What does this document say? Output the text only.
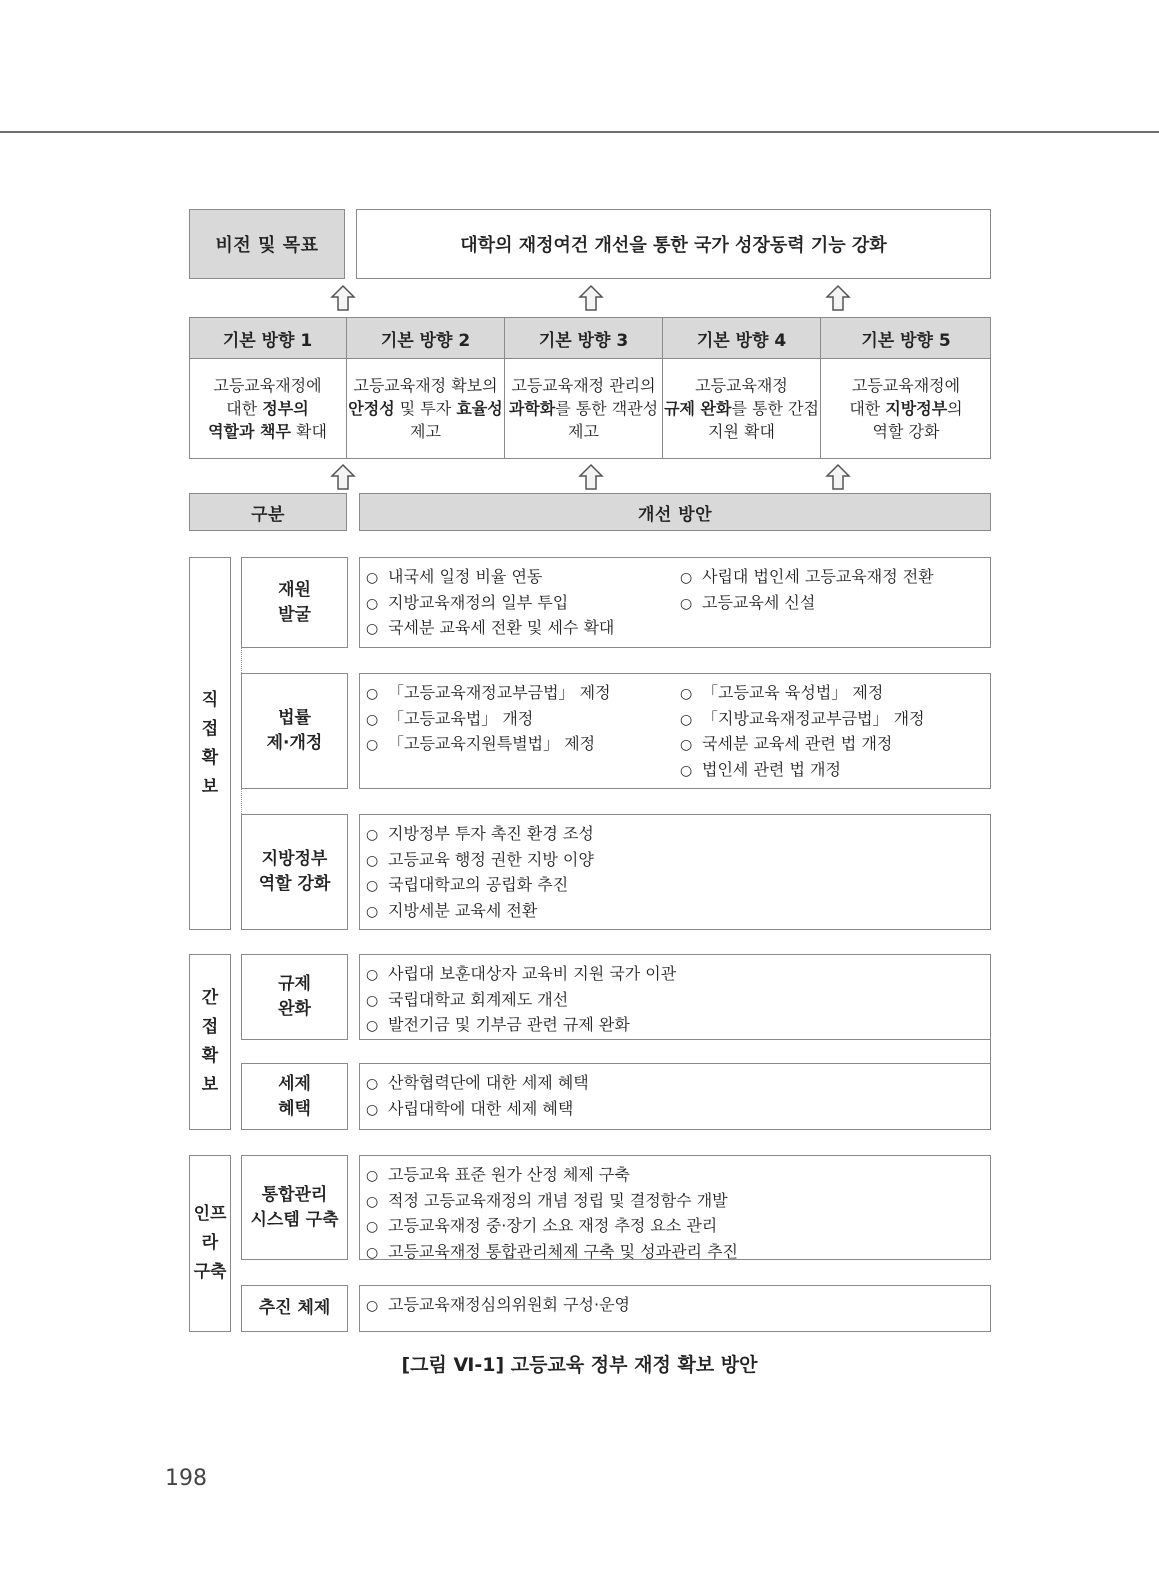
비전 및 목표	대학의 재정여건 개선을 통한 국가 성장동력 기능 강화
기본 방향 1
고등교육재정에
대한 정부의
역할과 책무 확대
기본 방향 2
고등교육재정 확보의
안정성 및 투자 효율성
제고
기본 방향 3
고등교육재정 관리의
과학화를 통한 객관성
제고
기본 방향 4
고등교육재정
규제 완화를 통한 간접
지원 확대
기본 방향 5
고등교육재정에
대한 지방정부의
역할 강화
구분	개선 방안
직
접
확
보
재원
발굴
○ 내국세 일정 비율 연동
○ 지방교육재정의 일부 투입
○ 국세분 교육세 전환 및 세수 확대
○ 사립대 법인세 고등교육재정 전환
○ 고등교육세 신설
법률
제·개정
○ 「고등교육재정교부금법」 제정
○ 「고등교육법」 개정
○ 「고등교육지원특별법」 제정
○ 「고등교육 육성법」 제정
○ 「지방교육재정교부금법」 개정
○ 국세분 교육세 관련 법 개정
○ 법인세 관련 법 개정
지방정부
역할 강화
○ 지방정부 투자 촉진 환경 조성
○ 고등교육 행정 권한 지방 이양
○ 국립대학교의 공립화 추진
○ 지방세분 교육세 전환
간
접
확
보
규제
완화
○ 사립대 보훈대상자 교육비 지원 국가 이관
○ 국립대학교 회계제도 개선
○ 발전기금 및 기부금 관련 규제 완화
세제
혜택
○ 산학협력단에 대한 세제 혜택
○ 사립대학에 대한 세제 혜택
인프
라
구축
통합관리
시스템 구축
○ 고등교육 표준 원가 산정 체제 구축
○ 적정 고등교육재정의 개념 정립 및 결정함수 개발
○ 고등교육재정 중·장기 소요 재정 추정 요소 관리
○ 고등교육재정 통합관리체제 구축 및 성과관리 추진
추진 체제
○	고등교육재정심의위원회 구성·운영
[그림 Ⅵ-1] 고등교육 정부 재정 확보 방안
198
